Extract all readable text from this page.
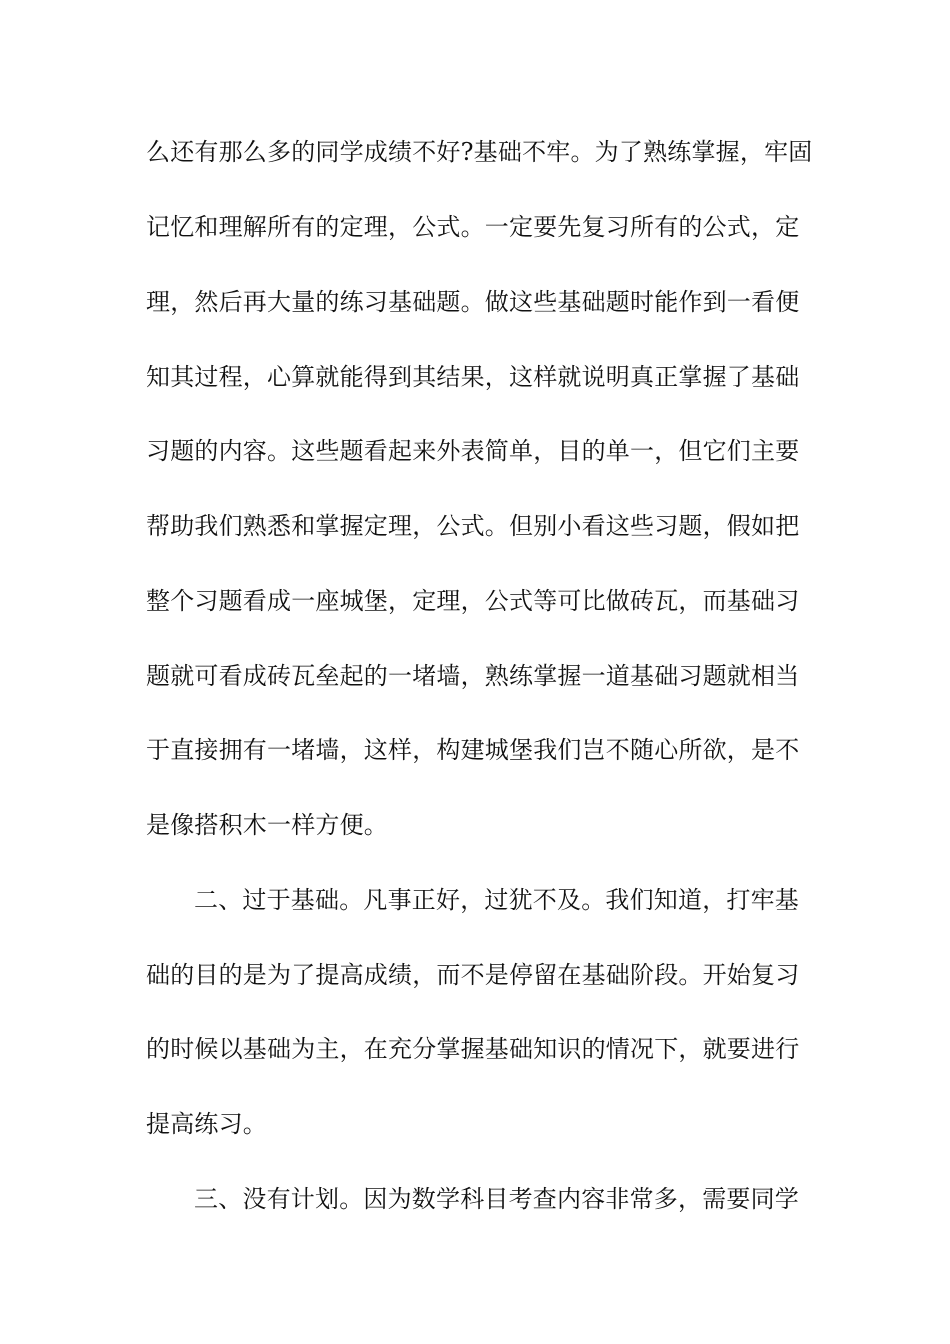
么还有那么多的同学成绩不好?基础不牢。为了熟练掌握，牢固
记忆和理解所有的定理，公式。一定要先复习所有的公式，定
理，然后再大量的练习基础题。做这些基础题时能作到一看便
知其过程，心算就能得到其结果，这样就说明真正掌握了基础
习题的内容。这些题看起来外表简单，目的单一，但它们主要
帮助我们熟悉和掌握定理，公式。但别小看这些习题，假如把
整个习题看成一座城堡，定理，公式等可比做砖瓦，而基础习
题就可看成砖瓦垒起的一堵墙，熟练掌握一道基础习题就相当
于直接拥有一堵墙，这样，构建城堡我们岂不随心所欲，是不
是像搭积木一样方便。
二、过于基础。凡事正好，过犹不及。我们知道，打牢基
础的目的是为了提高成绩，而不是停留在基础阶段。开始复习
的时候以基础为主，在充分掌握基础知识的情况下，就要进行
提高练习。
三、没有计划。因为数学科目考查内容非常多，需要同学
